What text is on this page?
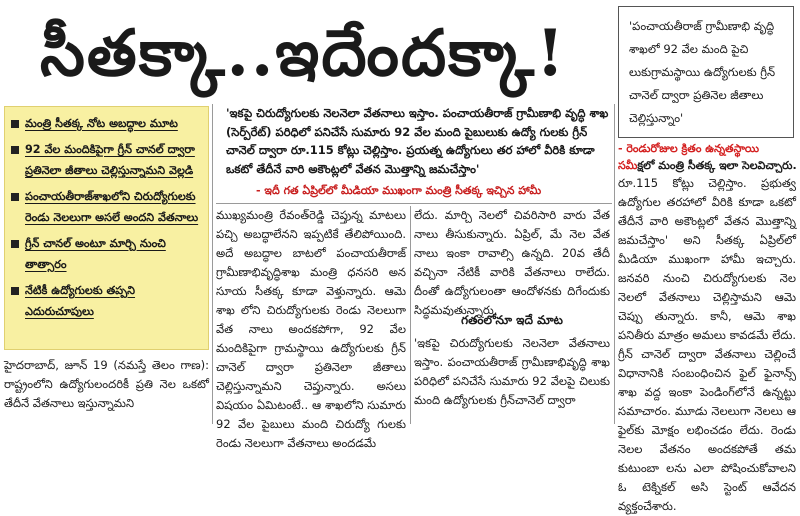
సీతక్కా..ఇదేందక్కా!	'పంచాయతీరాజ్ గ్రామీణాభి వృద్ధి శాఖలో 92 వేల మంది పైచి లుకుగ్రామస్థాయి ఉద్యోగులకు గ్రీన్ చానెల్ ద్వారా ప్రతినెల జీతాలు చెల్లిస్తున్నాం'
- రెండురోజుల క్రితం ఉన్నతస్థాయి సమీక్షలో మంత్రి సీతక్క ఇలా సెలవిచ్చారు.
మంత్రి సీతక్క నోట అబద్ధాల మూట
92 వేల మందికిపైగా గ్రీన్ చానల్ ద్వారా ప్రతినెలా జీతాలు చెల్లిస్తున్నామని వెల్లడి
పంచాయతీరాజ్‌శాఖలోని చిరుద్యోగులకు రెండు నెలలుగా అసలే అందని వేతనాలు
గ్రీన్ చానల్ అంటూ మార్చి నుంచి తాత్సారం
నేటికీ ఉద్యోగులకు తప్పని ఎదురుచూపులు
'ఇకపై చిరుద్యోగులకు నెలనెలా వేతనాలు ఇస్తాం. పంచాయతీరాజ్ గ్రామీణాభి వృద్ధి శాఖ (సెర్ప్‌రేట్) పరిధిలో పనిచేసే సుమారు 92 వేల మంది పైబులుకు ఉద్యో గులకు గ్రీన్ చానెల్ ద్వారా రూ.115 కోట్లు చెల్లిస్తాం. ప్రయత్న ఉద్యోగులు తర హాలో వీరికి కూడా ఒకటో తేదీనే వారి అకౌంట్లలో వేతన మొత్తాన్ని జమచేస్తాం'
- ఇదీ గత ఏప్రిల్‌లో మీడియా ముఖంగా మంత్రి సీతక్క ఇచ్చిన హామీ
హైదరాబాద్, జూన్ 19 (నమస్తే తెలం గాణ): రాష్ట్రంలోని ఉద్యోగులందరికీ ప్రతి నెల ఒకటో తేదీనే వేతనాలు ఇస్తున్నామని
ముఖ్యమంత్రి రేవంత్‌రెడ్డి చెప్తున్న మాటలు పచ్చి అబద్ధాలేనని ఇప్పటికే తేలిపోయింది. అదే అబద్ధాల బాటలో పంచాయతీరాజ్ గ్రామీణాభివృద్ధిశాఖ మంత్రి ధనసరి అన సూయ సీతక్క కూడా వెళ్తున్నారు. ఆమె శాఖ లోని చిరుద్యోగులకు రెండు నెలలుగా వేత నాలు అందకపోగా, 92 వేల మందికిపైగా గ్రామస్థాయి ఉద్యోగులకు గ్రీన్ చానెల్ ద్వారా ప్రతినెలా జీతాలు చెల్లిస్తున్నామని చెప్తున్నారు. అసలు విషయం ఏమిటంటే.. ఆ శాఖలోని సుమారు 92 వేల పైబులు మంది చిరుద్యో గులకు రెండు నెలలుగా వేతనాలు అందడమే
లేదు. మార్చి నెలలో చివరిసారి వారు వేత నాలు తీసుకున్నారు. ఏప్రిల్, మే నెల వేత నాలు ఇంకా రావాల్సి ఉన్నది. 20వ తేదీ వచ్చినా నేటికీ వారికి వేతనాలు రాలేదు. దీంతో ఉద్యోగులంతా ఆందోళనకు దిగేందుకు సిద్ధమవుతున్నారు.
గతంలోనూ ఇదే మాట
'ఇకపై చిరుద్యోగులకు నెలనెలా వేతనాలు ఇస్తాం. పంచాయతీరాజ్ గ్రామీణాభివృద్ధి శాఖ పరిధిలో పనిచేసే సుమారు 92 వేలపై చిలుకు మంది ఉద్యోగులకు గ్రీన్‌చానెల్ ద్వారా
రూ.115 కోట్లు చెల్లిస్తాం. ప్రభుత్వ ఉద్యోగుల తరహాలో వీరికి కూడా ఒకటో తేదీనే వారి అకౌంట్లలో వేతన మొత్తాన్ని జమచేస్తాం' అని సీతక్క ఏప్రిల్‌లో మీడియా ముఖంగా హామీ ఇచ్చారు. జనవరి నుంచి చిరుద్యోగులకు నెల నెలలో వేతనాలు చెల్లిస్తామని ఆమె చెప్పు తున్నారు. కానీ, ఆమె శాఖ పనితీరు మాత్రం అమలు కావడమే లేదు. గ్రీన్ చానెల్ ద్వారా వేతనాలు చెల్లించే విధానానికి సంబంధించిన ఫైల్ ఫైనాన్స్ శాఖ వద్ద ఇంకా పెండింగ్‌లోనే ఉన్నట్టు సమాచారం. మూడు నెలలుగా నెలలు ఆ ఫైల్‌కు మోక్షం లభించడం లేదు. రెండు నెలల వేతనం అందకపోతే తమ కుటుంబా లను ఎలా పోషించుకోవాలని ఓ టెక్నికల్ అసి స్టెంట్ ఆవేదన వ్యక్తంచేశారు.
